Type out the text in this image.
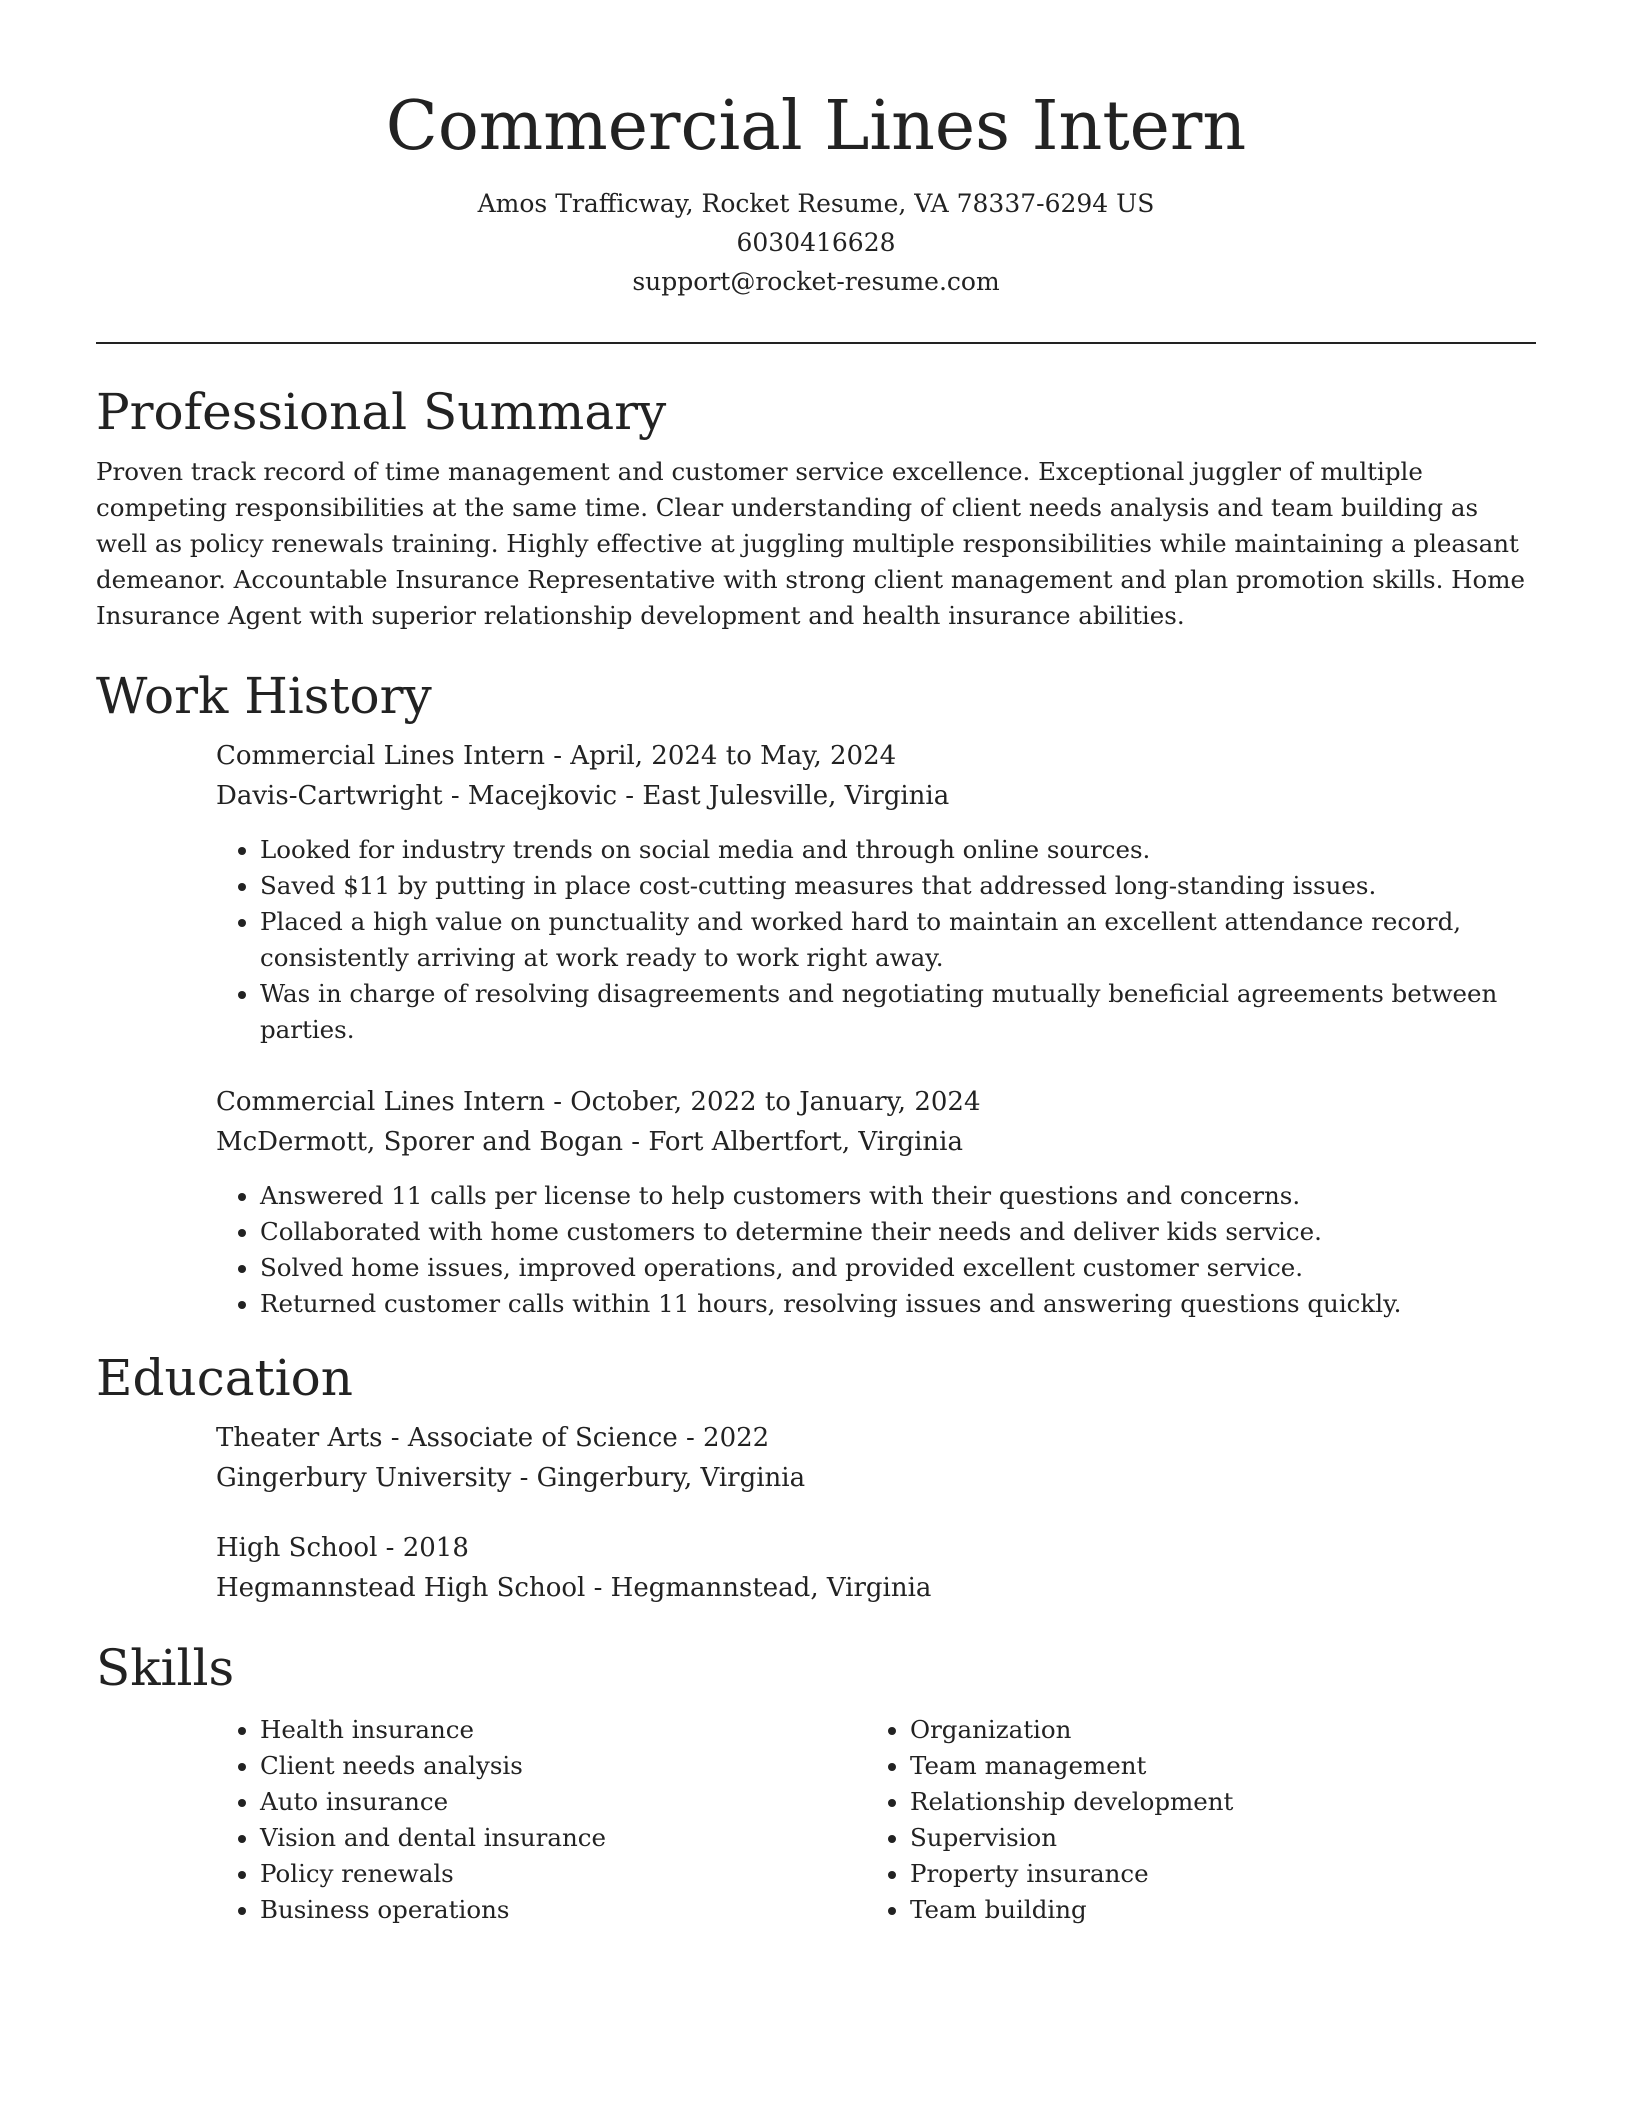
Commercial Lines Intern
Amos Trafficway, Rocket Resume, VA 78337-6294 US
6030416628
support@rocket-resume.com
Professional Summary

Proven track record of time management and customer service excellence. Exceptional juggler of multiple competing responsibilities at the same time. Clear understanding of client needs analysis and team building as well as policy renewals training. Highly effective at juggling multiple responsibilities while maintaining a pleasant demeanor. Accountable Insurance Representative with strong client management and plan promotion skills. Home Insurance Agent with superior relationship development and health insurance abilities.

Work History
Commercial Lines Intern - April, 2024 to May, 2024
Davis-Cartwright - Macejkovic - East Julesville, Virginia
• Looked for industry trends on social media and through online sources.
• Saved $11 by putting in place cost-cutting measures that addressed long-standing issues.
• Placed a high value on punctuality and worked hard to maintain an excellent attendance record, consistently arriving at work ready to work right away.
• Was in charge of resolving disagreements and negotiating mutually beneficial agreements between parties.
Commercial Lines Intern - October, 2022 to January, 2024
McDermott, Sporer and Bogan - Fort Albertfort, Virginia
• Answered 11 calls per license to help customers with their questions and concerns.
• Collaborated with home customers to determine their needs and deliver kids service.
• Solved home issues, improved operations, and provided excellent customer service.
• Returned customer calls within 11 hours, resolving issues and answering questions quickly.
Education
Theater Arts - Associate of Science - 2022
Gingerbury University - Gingerbury, Virginia
High School - 2018
Hegmannstead High School - Hegmannstead, Virginia
Skills
• Health insurance
• Client needs analysis
• Auto insurance
• Vision and dental insurance
• Policy renewals
• Business operations
• Organization
• Team management
• Relationship development
• Supervision
• Property insurance
• Team building
